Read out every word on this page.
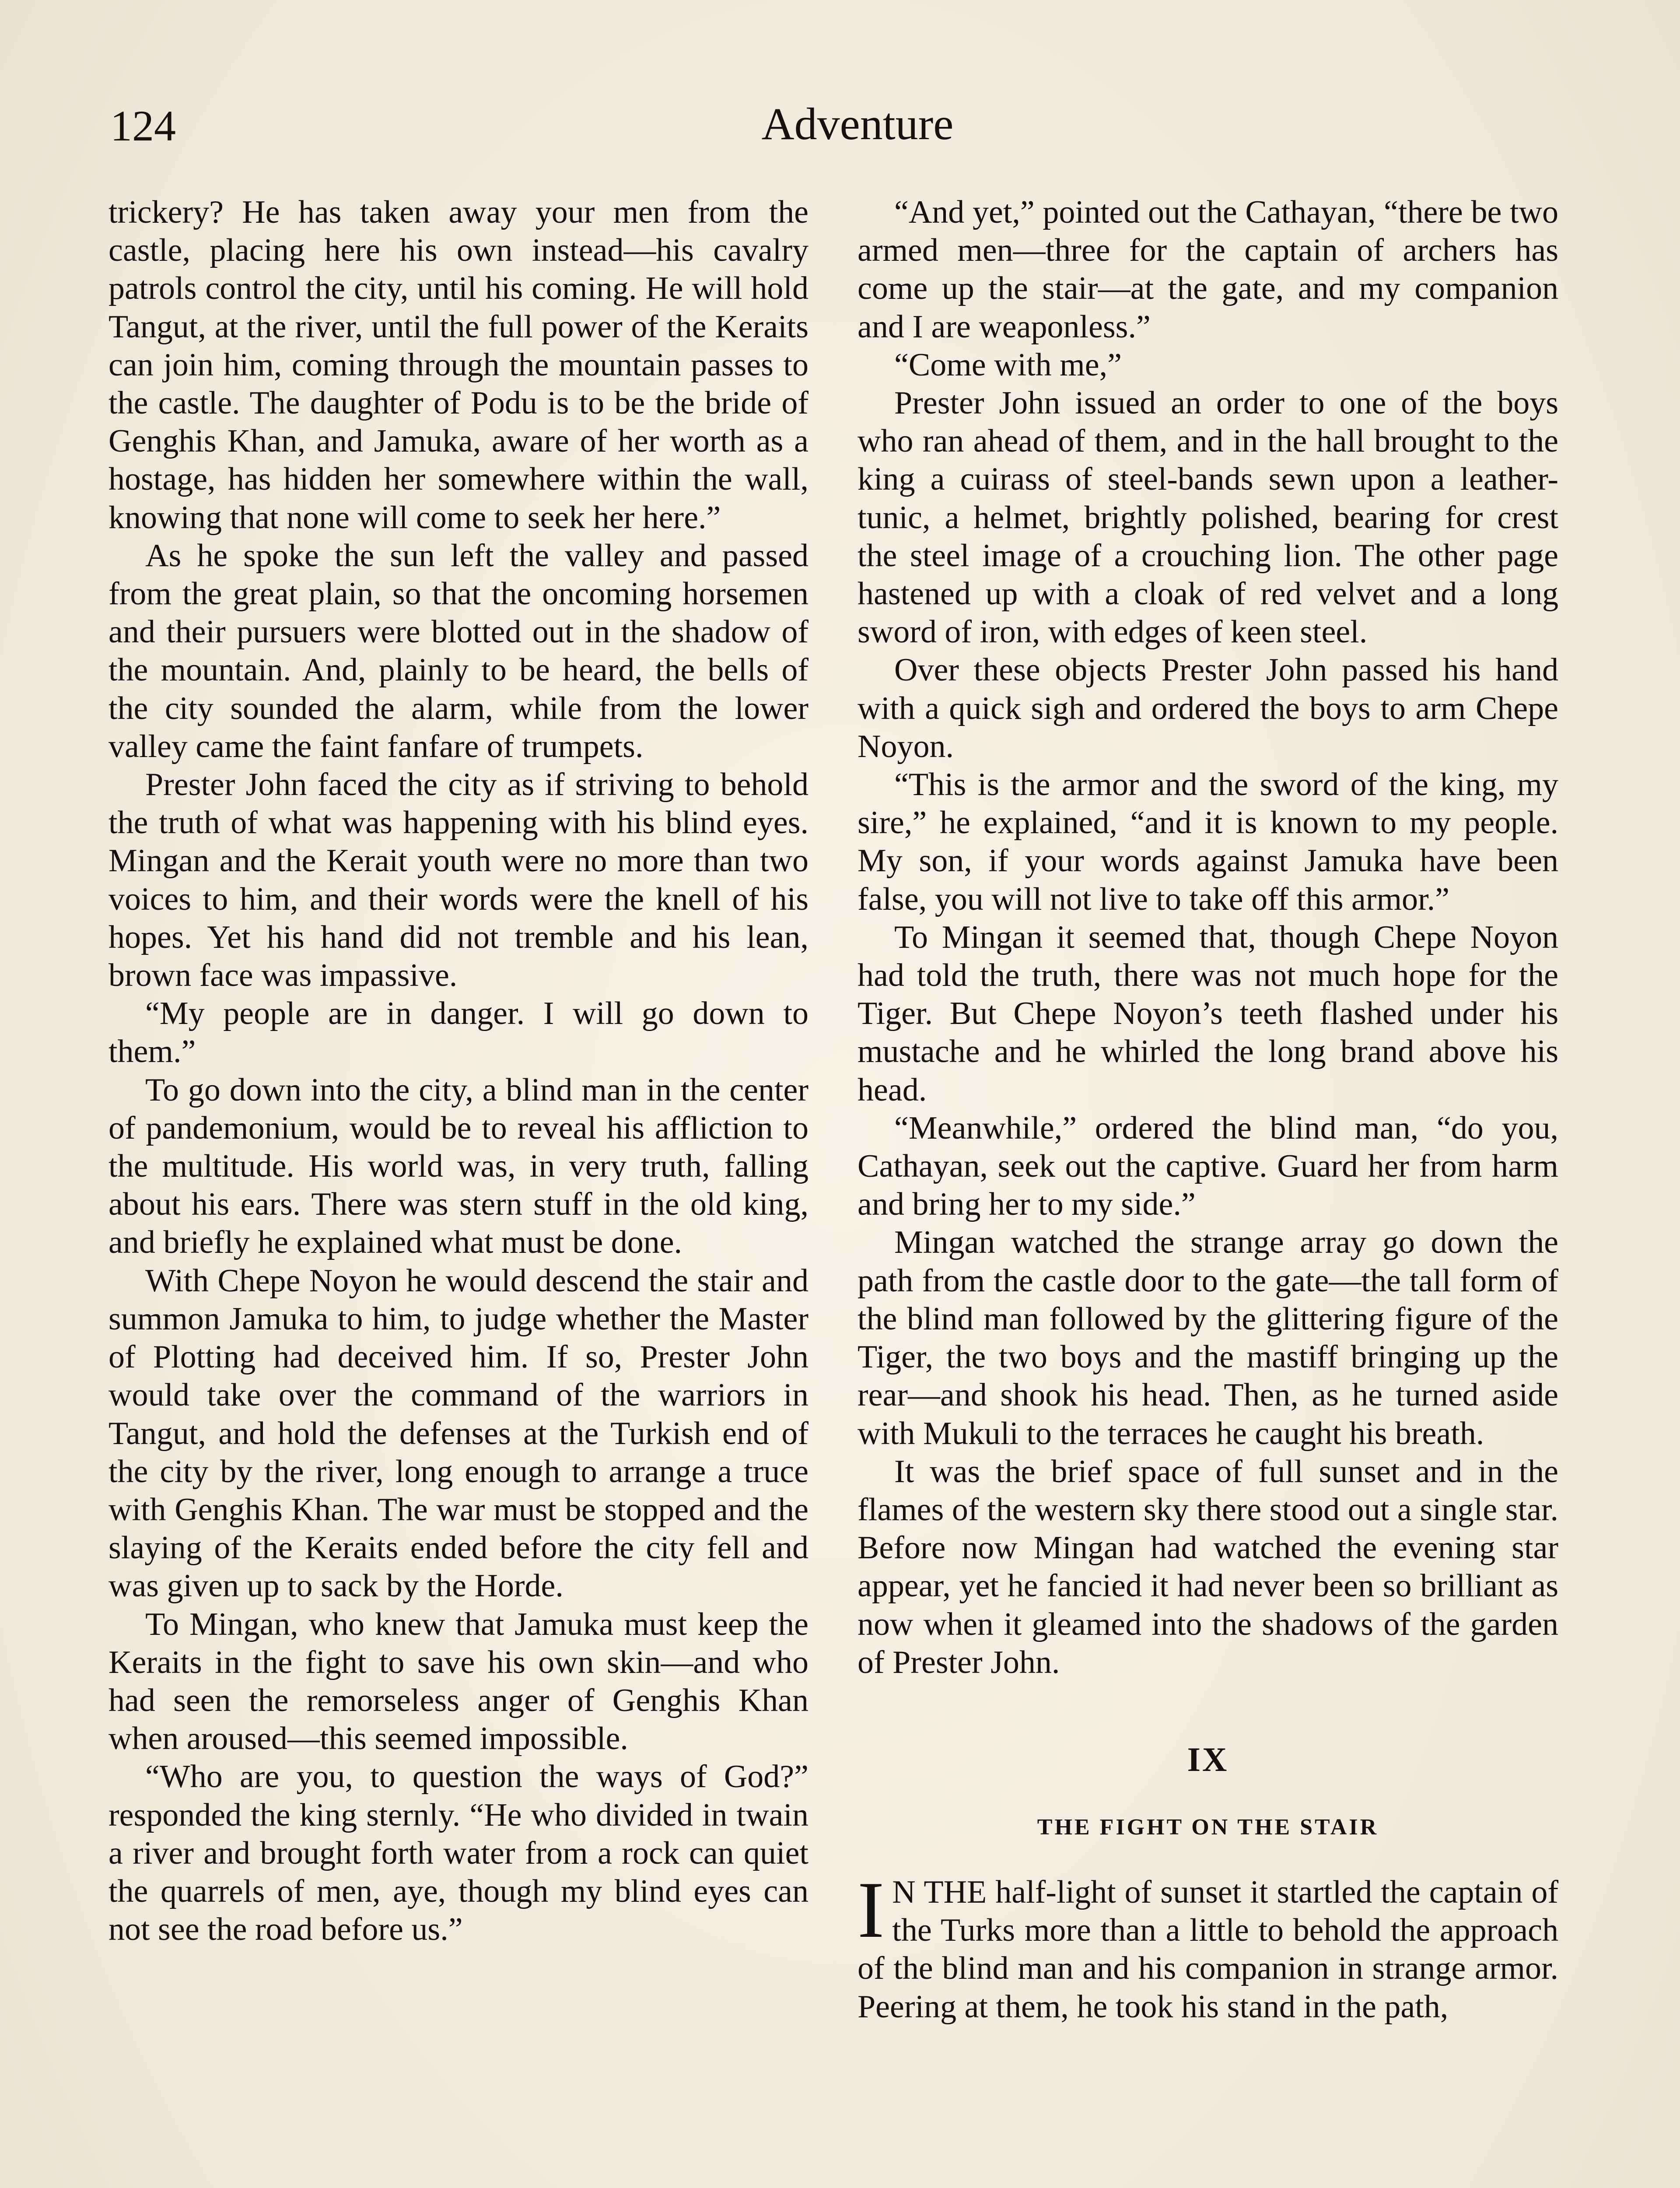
124	Adventure

trickery? He has taken away your men from the castle, placing here his own instead—his cavalry patrols control the city, until his coming. He will hold Tangut, at the river, until the full power of the Keraits can join him, coming through the mountain passes to the castle. The daughter of Podu is to be the bride of Genghis Khan, and Jamuka, aware of her worth as a hostage, has hidden her somewhere within the wall, knowing that none will come to seek her here.”

As he spoke the sun left the valley and passed from the great plain, so that the oncoming horsemen and their pursuers were blotted out in the shadow of the mountain. And, plainly to be heard, the bells of the city sounded the alarm, while from the lower valley came the faint fanfare of trumpets.

Prester John faced the city as if striving to behold the truth of what was happening with his blind eyes. Mingan and the Kerait youth were no more than two voices to him, and their words were the knell of his hopes. Yet his hand did not tremble and his lean, brown face was impassive.

“My people are in danger. I will go down to them.”

To go down into the city, a blind man in the center of pandemonium, would be to reveal his affliction to the multitude. His world was, in very truth, falling about his ears. There was stern stuff in the old king, and briefly he explained what must be done.

With Chepe Noyon he would descend the stair and summon Jamuka to him, to judge whether the Master of Plotting had deceived him. If so, Prester John would take over the command of the warriors in Tangut, and hold the defenses at the Turkish end of the city by the river, long enough to arrange a truce with Genghis Khan. The war must be stopped and the slaying of the Keraits ended before the city fell and was given up to sack by the Horde.

To Mingan, who knew that Jamuka must keep the Keraits in the fight to save his own skin—and who had seen the remorseless anger of Genghis Khan when aroused—this seemed impossible.

“Who are you, to question the ways of God?” responded the king sternly. “He who divided in twain a river and brought forth water from a rock can quiet the quarrels of men, aye, though my blind eyes can not see the road before us.”

“And yet,” pointed out the Cathayan, “there be two armed men—three for the captain of archers has come up the stair—at the gate, and my companion and I are weaponless.”

“Come with me,”

Prester John issued an order to one of the boys who ran ahead of them, and in the hall brought to the king a cuirass of steel-bands sewn upon a leather-tunic, a helmet, brightly polished, bearing for crest the steel image of a crouching lion. The other page hastened up with a cloak of red velvet and a long sword of iron, with edges of keen steel.

Over these objects Prester John passed his hand with a quick sigh and ordered the boys to arm Chepe Noyon.

“This is the armor and the sword of the king, my sire,” he explained, “and it is known to my people. My son, if your words against Jamuka have been false, you will not live to take off this armor.”

To Mingan it seemed that, though Chepe Noyon had told the truth, there was not much hope for the Tiger. But Chepe Noyon’s teeth flashed under his mustache and he whirled the long brand above his head.

“Meanwhile,” ordered the blind man, “do you, Cathayan, seek out the captive. Guard her from harm and bring her to my side.”

Mingan watched the strange array go down the path from the castle door to the gate—the tall form of the blind man followed by the glittering figure of the Tiger, the two boys and the mastiff bringing up the rear—and shook his head. Then, as he turned aside with Mukuli to the terraces he caught his breath.

It was the brief space of full sunset and in the flames of the western sky there stood out a single star. Before now Mingan had watched the evening star appear, yet he fancied it had never been so brilliant as now when it gleamed into the shadows of the garden of Prester John.

IX
THE FIGHT ON THE STAIR

I N THE half-light of sunset it startled the captain of the Turks more than a little to behold the approach of the blind man and his companion in strange armor. Peering at them, he took his stand in the path,
